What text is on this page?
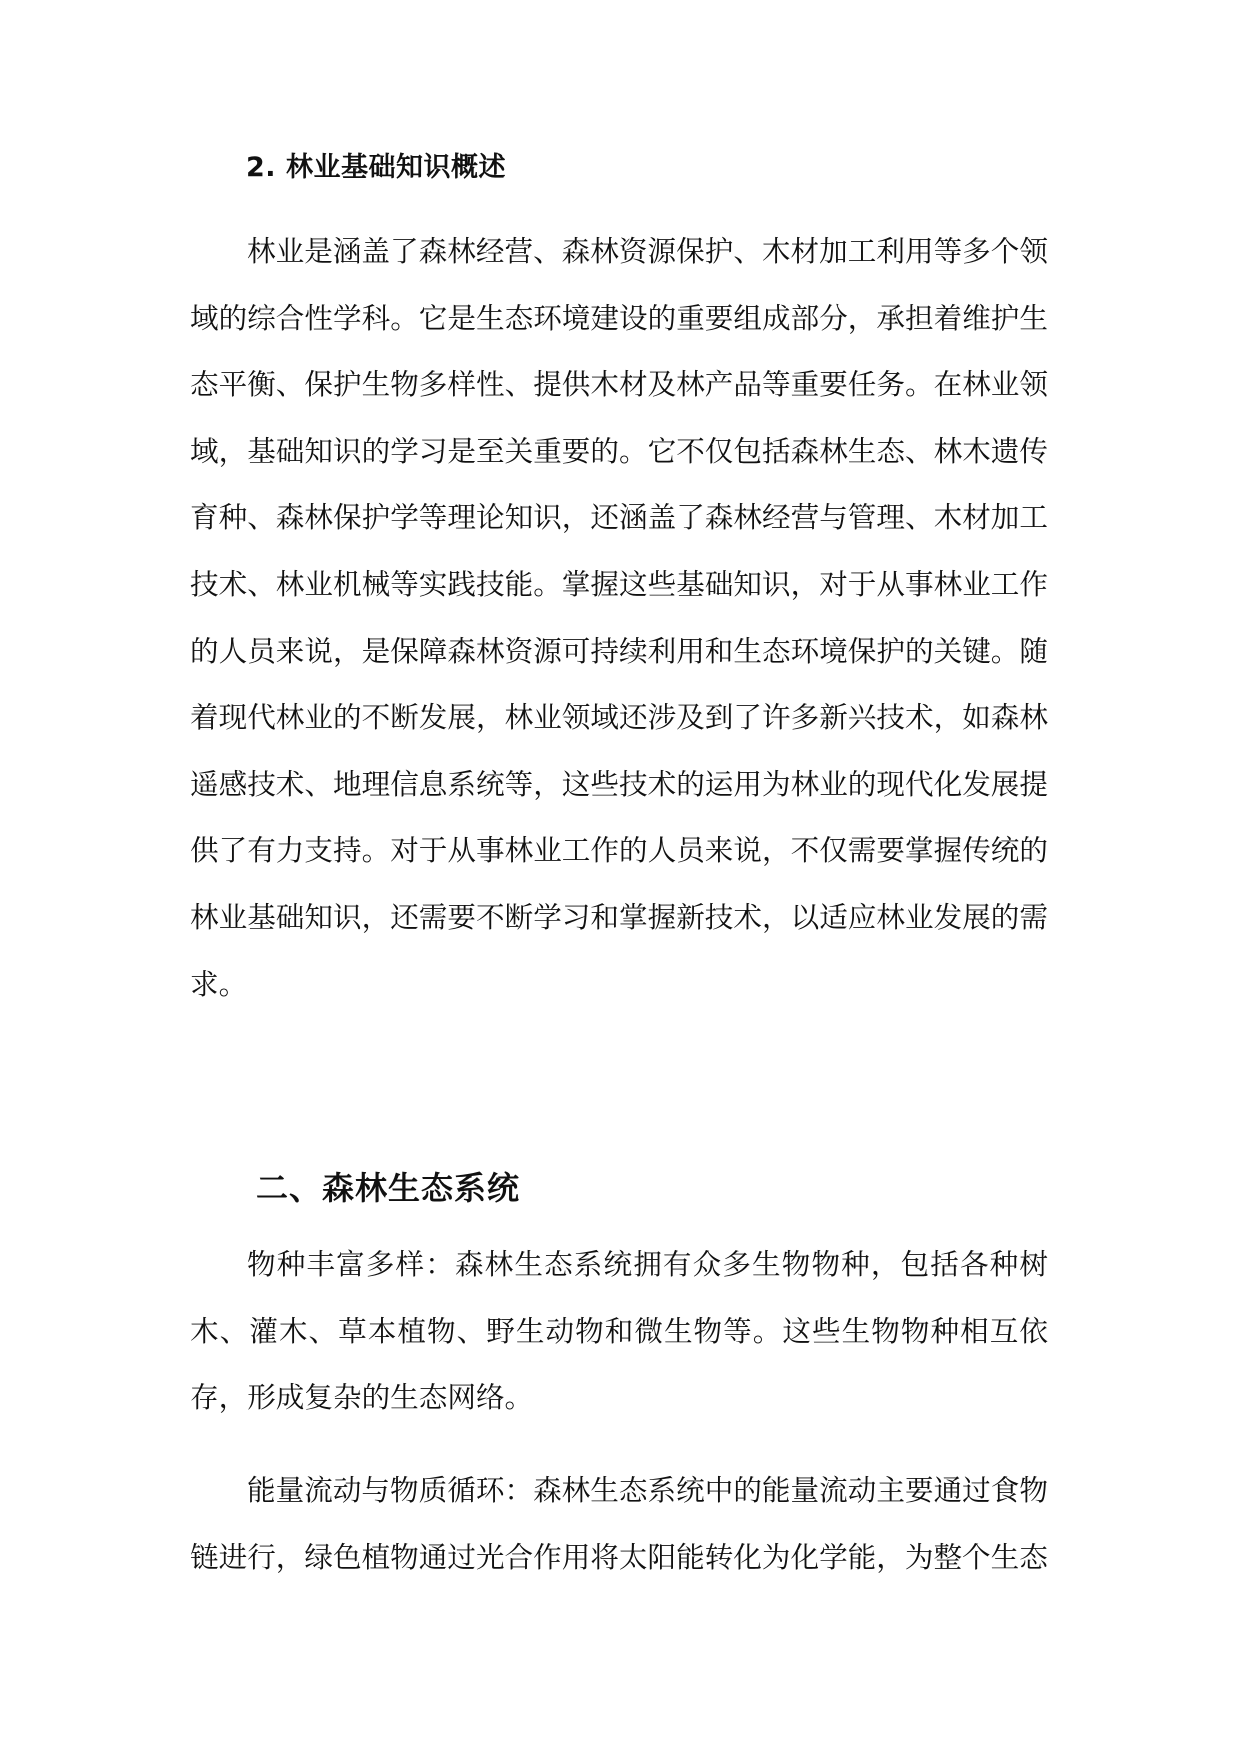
2. 林业基础知识概述

林业是涵盖了森林经营、森林资源保护、木材加工利用等多个领域的综合性学科。它是生态环境建设的重要组成部分，承担着维护生态平衡、保护生物多样性、提供木材及林产品等重要任务。在林业领域，基础知识的学习是至关重要的。它不仅包括森林生态、林木遗传育种、森林保护学等理论知识，还涵盖了森林经营与管理、木材加工技术、林业机械等实践技能。掌握这些基础知识，对于从事林业工作的人员来说，是保障森林资源可持续利用和生态环境保护的关键。随着现代林业的不断发展，林业领域还涉及到了许多新兴技术，如森林遥感技术、地理信息系统等，这些技术的运用为林业的现代化发展提供了有力支持。对于从事林业工作的人员来说，不仅需要掌握传统的林业基础知识，还需要不断学习和掌握新技术，以适应林业发展的需求。

二、森林生态系统

物种丰富多样：森林生态系统拥有众多生物物种，包括各种树木、灌木、草本植物、野生动物和微生物等。这些生物物种相互依存，形成复杂的生态网络。

能量流动与物质循环：森林生态系统中的能量流动主要通过食物链进行，绿色植物通过光合作用将太阳能转化为化学能，为整个生态
